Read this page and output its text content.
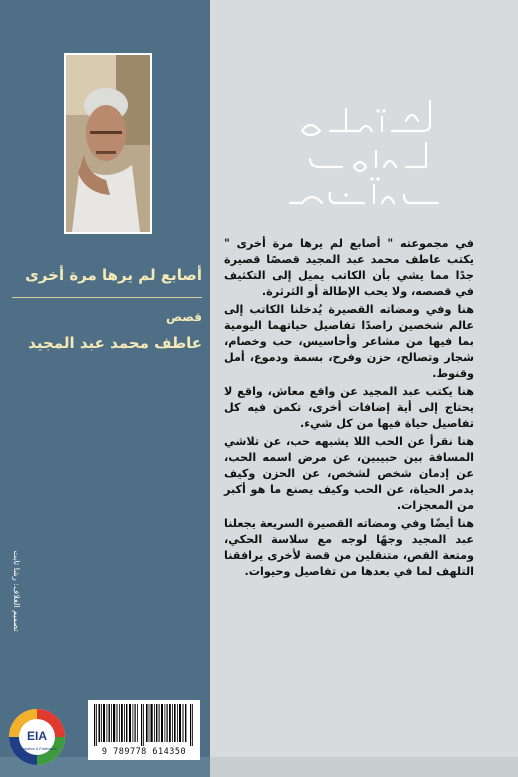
أصابع لم يرها مرة أخرى
قصص
عاطف محمد عبد المجيد
تصميم الغلاف: رشا ثابت
EIA
Translation & Publication	9 789778 614350

في مجموعته " أصابع لم يرها مرة أخرى " يكتب عاطف محمد عبد المجيد قصصًا قصيرة جدًا مما يشي بأن الكاتب يميل إلى التكثيف في قصصه، ولا يحب الإطالة أو الثرثرة.

هنا وفي ومضاته القصيرة يُدخلنا الكاتب إلى عالم شخصين راصدًا تفاصيل حياتهما اليومية بما فيها من مشاعر وأحاسيس، حب وخصام، شجار وتصالح، حزن وفرح، بسمة ودموع، أمل وقنوط.

هنا يكتب عبد المجيد عن واقع معاش، واقع لا يحتاج إلى أية إضافات أخرى، تكمن فيه كل تفاصيل حياة فيها من كل شيء.

هنا نقرأ عن الحب اللا يشبهه حب، عن تلاشي المسافة بين حبيبين، عن مرض اسمه الحب، عن إدمان شخص لشخص، عن الحزن وكيف يدمر الحياة، عن الحب وكيف يصنع ما هو أكبر من المعجزات.

هنا أيضًا وفي ومضاته القصيرة السريعة يجعلنا عبد المجيد وجهًا لوجه مع سلاسة الحكي، ومتعة القص، متنقلين من قصة لأخرى يرافقنا التلهف لما في بعدها من تفاصيل وحيوات.
